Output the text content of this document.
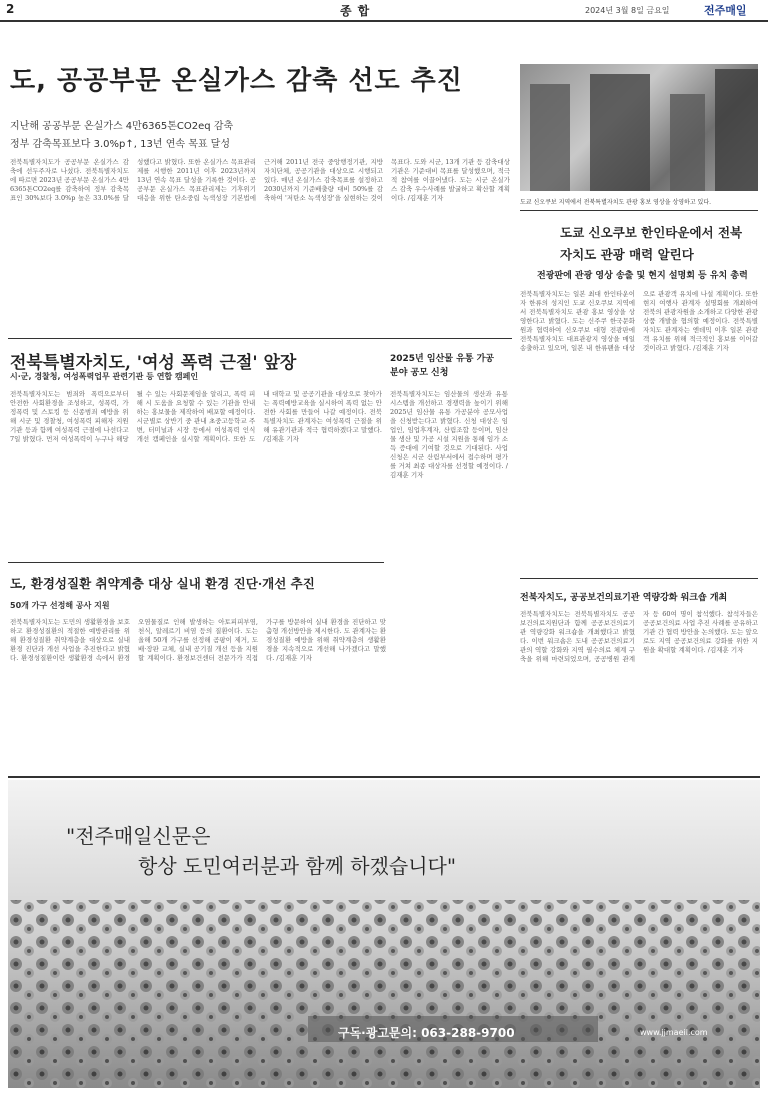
2	종합	2024년 3월 8일 금요일	전주매일
도, 공공부문 온실가스 감축 선도 추진
지난해 공공부문 온실가스 4만6365톤CO2eq 감축
정부 감축목표보다 3.0%p↑, 13년 연속 목표 달성
전북특별자치도가 공공부문 온실가스 감축에 선두주자로 나섰다. 전북특별자치도에 따르면 2023년 공공부문 온실가스 4만6365톤CO2eq를 감축하여 정부 감축목표인 30%보다 3.0%p 높은 33.0%를 달성했다고 밝혔다. 또한 온실가스 목표관리제를 시행한 2011년 이후 2023년까지 13년 연속 목표 달성을 기록한 것이다. 공공부문 온실가스 목표관리제는 기후위기 대응을 위한 탄소중립 녹색성장 기본법에 근거해 2011년 전국 중앙행정기관, 지방자치단체, 공공기관을 대상으로 시행되고 있다. 매년 온실가스 감축목표를 설정하고 2030년까지 기준배출량 대비 50%를 감축하여 '저탄소 녹색성장'을 실현하는 것이 목표다. 도와 시군, 13개 기관 등 감축대상 기관은 기준대비 목표를 달성했으며, 적극적 참여를 이끌어냈다. 도는 시군 온실가스 감축 우수사례를 발굴하고 확산할 계획이다. /김재훈 기자
도쿄 신오쿠보 지역에서 전북특별자치도 관광 홍보 영상을 상영하고 있다.
도쿄 신오쿠보 한인타운에서 전북자치도 관광 매력 알린다
전광판에 관광 영상 송출 및 현지 설명회 등 유치 총력
전북특별자치도는 일본 최대 한인타운이자 한류의 성지인 도쿄 신오쿠보 지역에서 전북특별자치도 관광 홍보 영상을 상영한다고 밝혔다. 도는 신주쿠 한국문화원과 협력하여 신오쿠보 대형 전광판에 전북특별자치도 대표관광지 영상을 매일 송출하고 있으며, 일본 내 한류팬을 대상으로 관광객 유치에 나설 계획이다. 또한 현지 여행사 관계자 설명회를 개최하여 전북의 관광자원을 소개하고 다양한 관광상품 개발을 협의할 예정이다. 전북특별자치도 관계자는 엔데믹 이후 일본 관광객 유치를 위해 적극적인 홍보를 이어갈 것이라고 밝혔다. /김재훈 기자
전북특별자치도, '여성 폭력 근절' 앞장
시·군, 경찰청, 여성폭력업무 관련기관 등 연합 캠페인
전북특별자치도는 범죄와 폭력으로부터 안전한 사회환경을 조성하고, 성폭력, 가정폭력 및 스토킹 등 신종범죄 예방을 위해 시군 및 경찰청, 여성폭력 피해자 지원기관 등과 함께 여성폭력 근절에 나선다고 7일 밝혔다. 먼저 여성폭력이 누구나 해당될 수 있는 사회문제임을 알리고, 폭력 피해 시 도움을 요청할 수 있는 기관을 안내하는 홍보물을 제작하여 배포할 예정이다. 시군별로 상반기 중 관내 초중고등학교 주변, 터미널과 시장 등에서 여성폭력 인식개선 캠페인을 실시할 계획이다. 또한 도내 대학교 및 공공기관을 대상으로 찾아가는 폭력예방교육을 실시하여 폭력 없는 안전한 사회를 만들어 나갈 예정이다. 전북특별자치도 관계자는 여성폭력 근절을 위해 유관기관과 적극 협력하겠다고 말했다. /김재훈 기자
2025년 임산물 유통 가공분야 공모 신청
전북특별자치도는 임산물의 생산과 유통 시스템을 개선하고 경쟁력을 높이기 위해 2025년 임산물 유통 가공분야 공모사업을 신청받는다고 밝혔다. 신청 대상은 임업인, 임업후계자, 산림조합 등이며, 임산물 생산 및 가공 시설 지원을 통해 임가 소득 증대에 기여할 것으로 기대된다. 사업 신청은 시군 산림부서에서 접수하며 평가를 거쳐 최종 대상자를 선정할 예정이다. /김재훈 기자
도, 환경성질환 취약계층 대상 실내 환경 진단·개선 추진
50개 가구 선정해 공사 지원
전북특별자치도는 도민의 생활환경을 보호하고 환경성질환의 적절한 예방관리를 위해 환경성질환 취약계층을 대상으로 실내 환경 진단과 개선 사업을 추진한다고 밝혔다. 환경성질환이란 생활환경 속에서 환경오염물질로 인해 발생하는 아토피피부염, 천식, 알레르기 비염 등의 질환이다. 도는 올해 50개 가구를 선정해 곰팡이 제거, 도배·장판 교체, 실내 공기질 개선 등을 지원할 계획이다. 환경보건센터 전문가가 직접 가구를 방문하여 실내 환경을 진단하고 맞춤형 개선방안을 제시한다. 도 관계자는 환경성질환 예방을 위해 취약계층의 생활환경을 지속적으로 개선해 나가겠다고 말했다. /김재훈 기자
전북자치도, 공공보건의료기관 역량강화 워크숍 개최
전북특별자치도는 전북특별자치도 공공보건의료지원단과 함께 공공보건의료기관 역량강화 워크숍을 개최했다고 밝혔다. 이번 워크숍은 도내 공공보건의료기관의 역할 강화와 지역 필수의료 체계 구축을 위해 마련되었으며, 공공병원 관계자 등 60여 명이 참석했다. 참석자들은 공공보건의료 사업 추진 사례를 공유하고 기관 간 협력 방안을 논의했다. 도는 앞으로도 지역 공공보건의료 강화를 위한 지원을 확대할 계획이다. /김재훈 기자
"전주매일신문은
항상 도민여러분과 함께 하겠습니다"
구독·광고문의: 063-288-9700	www.jjmaeil.com
